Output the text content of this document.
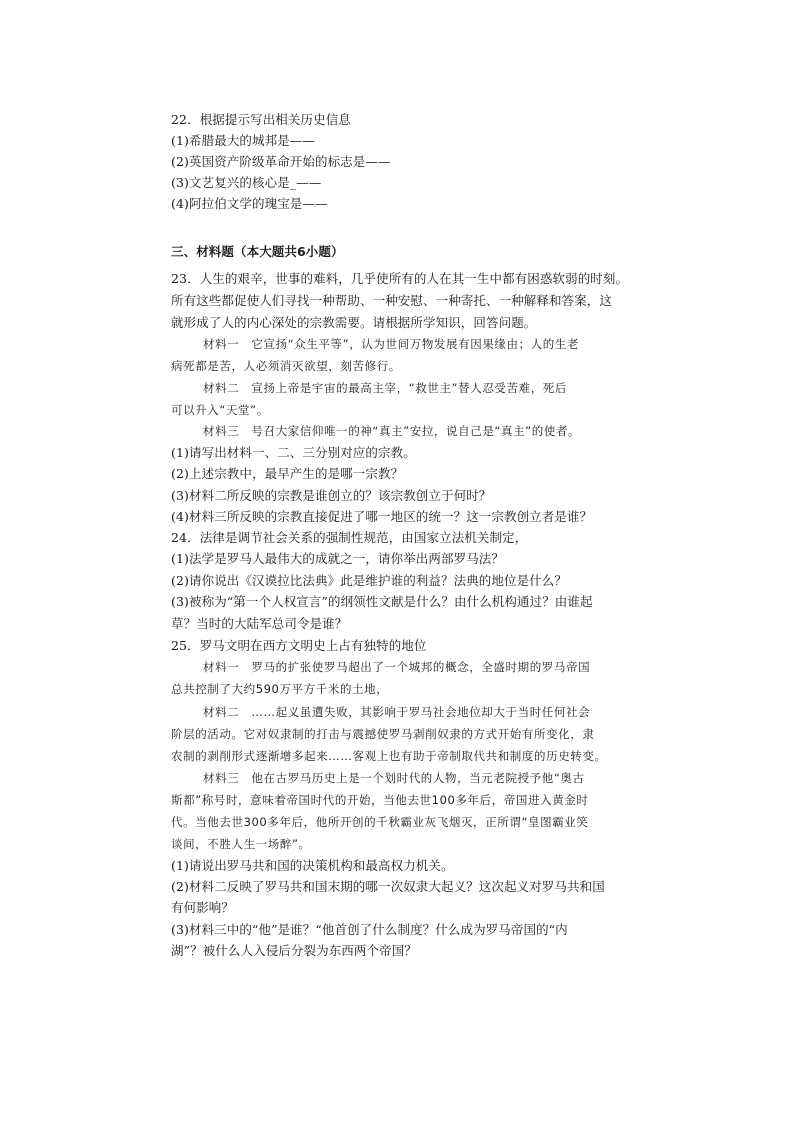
22．根据提示写出相关历史信息
(1)希腊最大的城邦是——
(2)英国资产阶级革命开始的标志是——
(3)文艺复兴的核心是_——
(4)阿拉伯文学的瑰宝是——
三、材料题（本大题共6小题）
23．人生的艰辛，世事的难料，几乎使所有的人在其一生中都有困惑软弱的时刻。
所有这些都促使人们寻找一种帮助、一种安慰、一种寄托、一种解释和答案，这
就形成了人的内心深处的宗教需要。请根据所学知识，回答问题。
材料一　它宣扬“众生平等”，认为世间万物发展有因果缘由；人的生老
病死都是苦，人必须消灭欲望，刻苦修行。
材料二　宣扬上帝是宇宙的最高主宰，“救世主”替人忍受苦难，死后
可以升入“天堂”。
材料三　号召大家信仰唯一的神“真主”安拉，说自己是“真主”的使者。
(1)请写出材料一、二、三分别对应的宗教。
(2)上述宗教中，最早产生的是哪一宗教？
(3)材料二所反映的宗教是谁创立的？该宗教创立于何时？
(4)材料三所反映的宗教直接促进了哪一地区的统一？这一宗教创立者是谁？
24．法律是调节社会关系的强制性规范，由国家立法机关制定，
(1)法学是罗马人最伟大的成就之一，请你举出两部罗马法？
(2)请你说出《汉谟拉比法典》此是维护谁的利益？法典的地位是什么？
(3)被称为“第一个人权宣言”的纲领性文献是什么？由什么机构通过？由谁起
草？当时的大陆军总司令是谁？
25．罗马文明在西方文明史上占有独特的地位
材料一　罗马的扩张使罗马超出了一个城邦的概念，全盛时期的罗马帝国
总共控制了大约590万平方千米的土地，
材料二　……起义虽遭失败，其影响于罗马社会地位却大于当时任何社会
阶层的活动。它对奴隶制的打击与震撼使罗马剥削奴隶的方式开始有所变化，隶
农制的剥削形式逐渐增多起来……客观上也有助于帝制取代共和制度的历史转变。
材料三　他在古罗马历史上是一个划时代的人物，当元老院授予他“奥古
斯都”称号时，意味着帝国时代的开始，当他去世100多年后，帝国进入黄金时
代。当他去世300多年后，他所开创的千秋霸业灰飞烟灭，正所谓“皇图霸业笑
谈间，不胜人生一场醉”。
(1)请说出罗马共和国的决策机构和最高权力机关。
(2)材料二反映了罗马共和国末期的哪一次奴隶大起义？这次起义对罗马共和国
有何影响？
(3)材料三中的“他”是谁？“他首创了什么制度？什么成为罗马帝国的“内
湖”？被什么人入侵后分裂为东西两个帝国？
